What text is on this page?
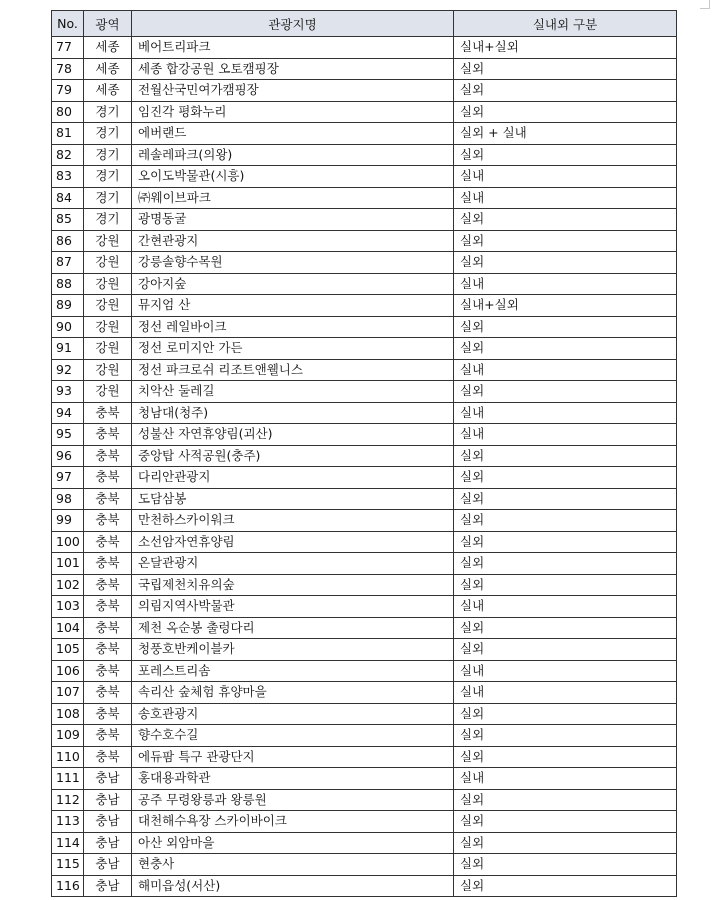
No.	광역	관광지명	실내외 구분
77	세종	베어트리파크	실내+실외
78	세종	세종 합강공원 오토캠핑장	실외
79	세종	전월산국민여가캠핑장	실외
80	경기	임진각 평화누리	실외
81	경기	에버랜드	실외 + 실내
82	경기	레솔레파크(의왕)	실외
83	경기	오이도박물관(시흥)	실내
84	경기	㈜웨이브파크	실내
85	경기	광명동굴	실외
86	강원	간현관광지	실외
87	강원	강릉솔향수목원	실외
88	강원	강아지숲	실내
89	강원	뮤지엄 산	실내+실외
90	강원	정선 레일바이크	실외
91	강원	정선 로미지안 가든	실외
92	강원	정선 파크로쉬 리조트앤웰니스	실내
93	강원	치악산 둘레길	실외
94	충북	청남대(청주)	실내
95	충북	성불산 자연휴양림(괴산)	실내
96	충북	중앙탑 사적공원(충주)	실외
97	충북	다리안관광지	실외
98	충북	도담삼봉	실외
99	충북	만천하스카이워크	실외
100	충북	소선암자연휴양림	실외
101	충북	온달관광지	실외
102	충북	국립제천치유의숲	실외
103	충북	의림지역사박물관	실내
104	충북	제천 옥순봉 출렁다리	실외
105	충북	청풍호반케이블카	실외
106	충북	포레스트리솜	실내
107	충북	속리산 숲체험 휴양마을	실내
108	충북	송호관광지	실외
109	충북	향수호수길	실외
110	충북	에듀팜 특구 관광단지	실외
111	충남	홍대용과학관	실내
112	충남	공주 무령왕릉과 왕릉원	실외
113	충남	대천해수욕장 스카이바이크	실외
114	충남	아산 외암마을	실외
115	충남	현충사	실외
116	충남	해미읍성(서산)	실외
